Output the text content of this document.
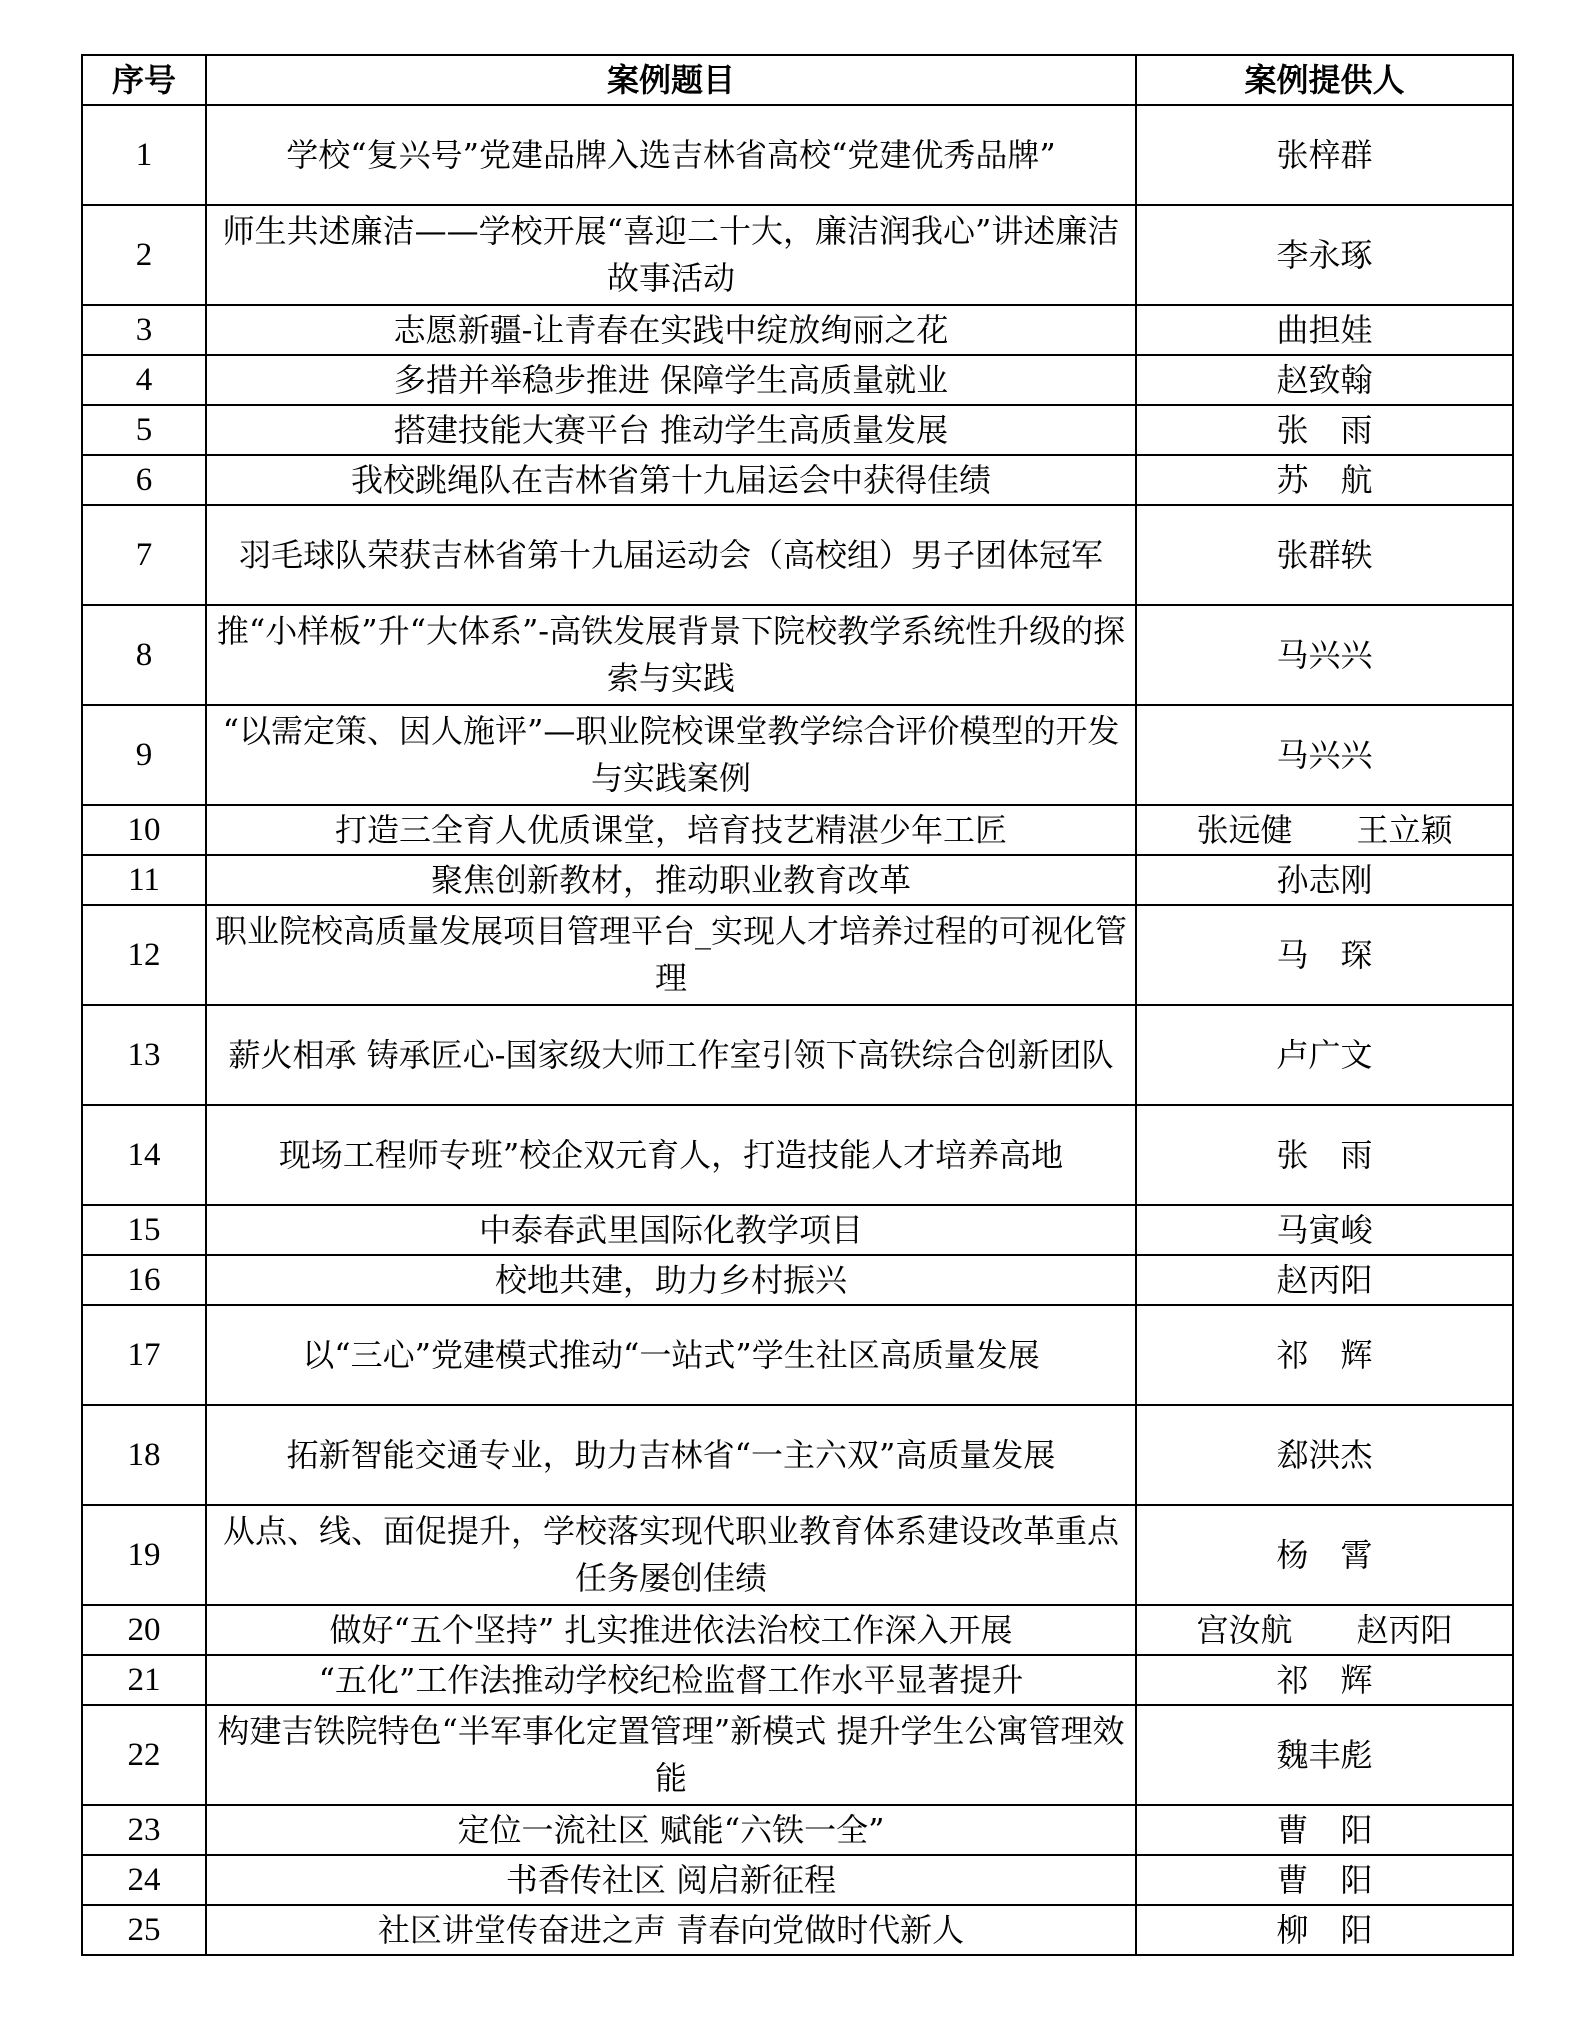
序号	案例题目	案例提供人
1	学校“复兴号”党建品牌入选吉林省高校“党建优秀品牌”	张梓群
2	师生共述廉洁——学校开展“喜迎二十大，廉洁润我心”讲述廉洁故事活动	李永琢
3	志愿新疆-让青春在实践中绽放绚丽之花	曲担娃
4	多措并举稳步推进 保障学生高质量就业	赵致翰
5	搭建技能大赛平台 推动学生高质量发展	张　雨
6	我校跳绳队在吉林省第十九届运会中获得佳绩	苏　航
7	羽毛球队荣获吉林省第十九届运动会（高校组）男子团体冠军	张群轶
8	推“小样板”升“大体系”-高铁发展背景下院校教学系统性升级的探索与实践	马兴兴
9	“以需定策、因人施评”—职业院校课堂教学综合评价模型的开发与实践案例	马兴兴
10	打造三全育人优质课堂，培育技艺精湛少年工匠	张远健　　王立颖
11	聚焦创新教材，推动职业教育改革	孙志刚
12	职业院校高质量发展项目管理平台_实现人才培养过程的可视化管理	马　琛
13	薪火相承 铸承匠心-国家级大师工作室引领下高铁综合创新团队	卢广文
14	现场工程师专班”校企双元育人，打造技能人才培养高地	张　雨
15	中泰春武里国际化教学项目	马寅峻
16	校地共建，助力乡村振兴	赵丙阳
17	以“三心”党建模式推动“一站式”学生社区高质量发展	祁　辉
18	拓新智能交通专业，助力吉林省“一主六双”高质量发展	郄洪杰
19	从点、线、面促提升，学校落实现代职业教育体系建设改革重点任务屡创佳绩	杨　霄
20	做好“五个坚持” 扎实推进依法治校工作深入开展	宫汝航　　赵丙阳
21	“五化”工作法推动学校纪检监督工作水平显著提升	祁　辉
22	构建吉铁院特色“半军事化定置管理”新模式 提升学生公寓管理效能	魏丰彪
23	定位一流社区 赋能“六铁一全”	曹　阳
24	书香传社区 阅启新征程	曹　阳
25	社区讲堂传奋进之声 青春向党做时代新人	柳　阳
